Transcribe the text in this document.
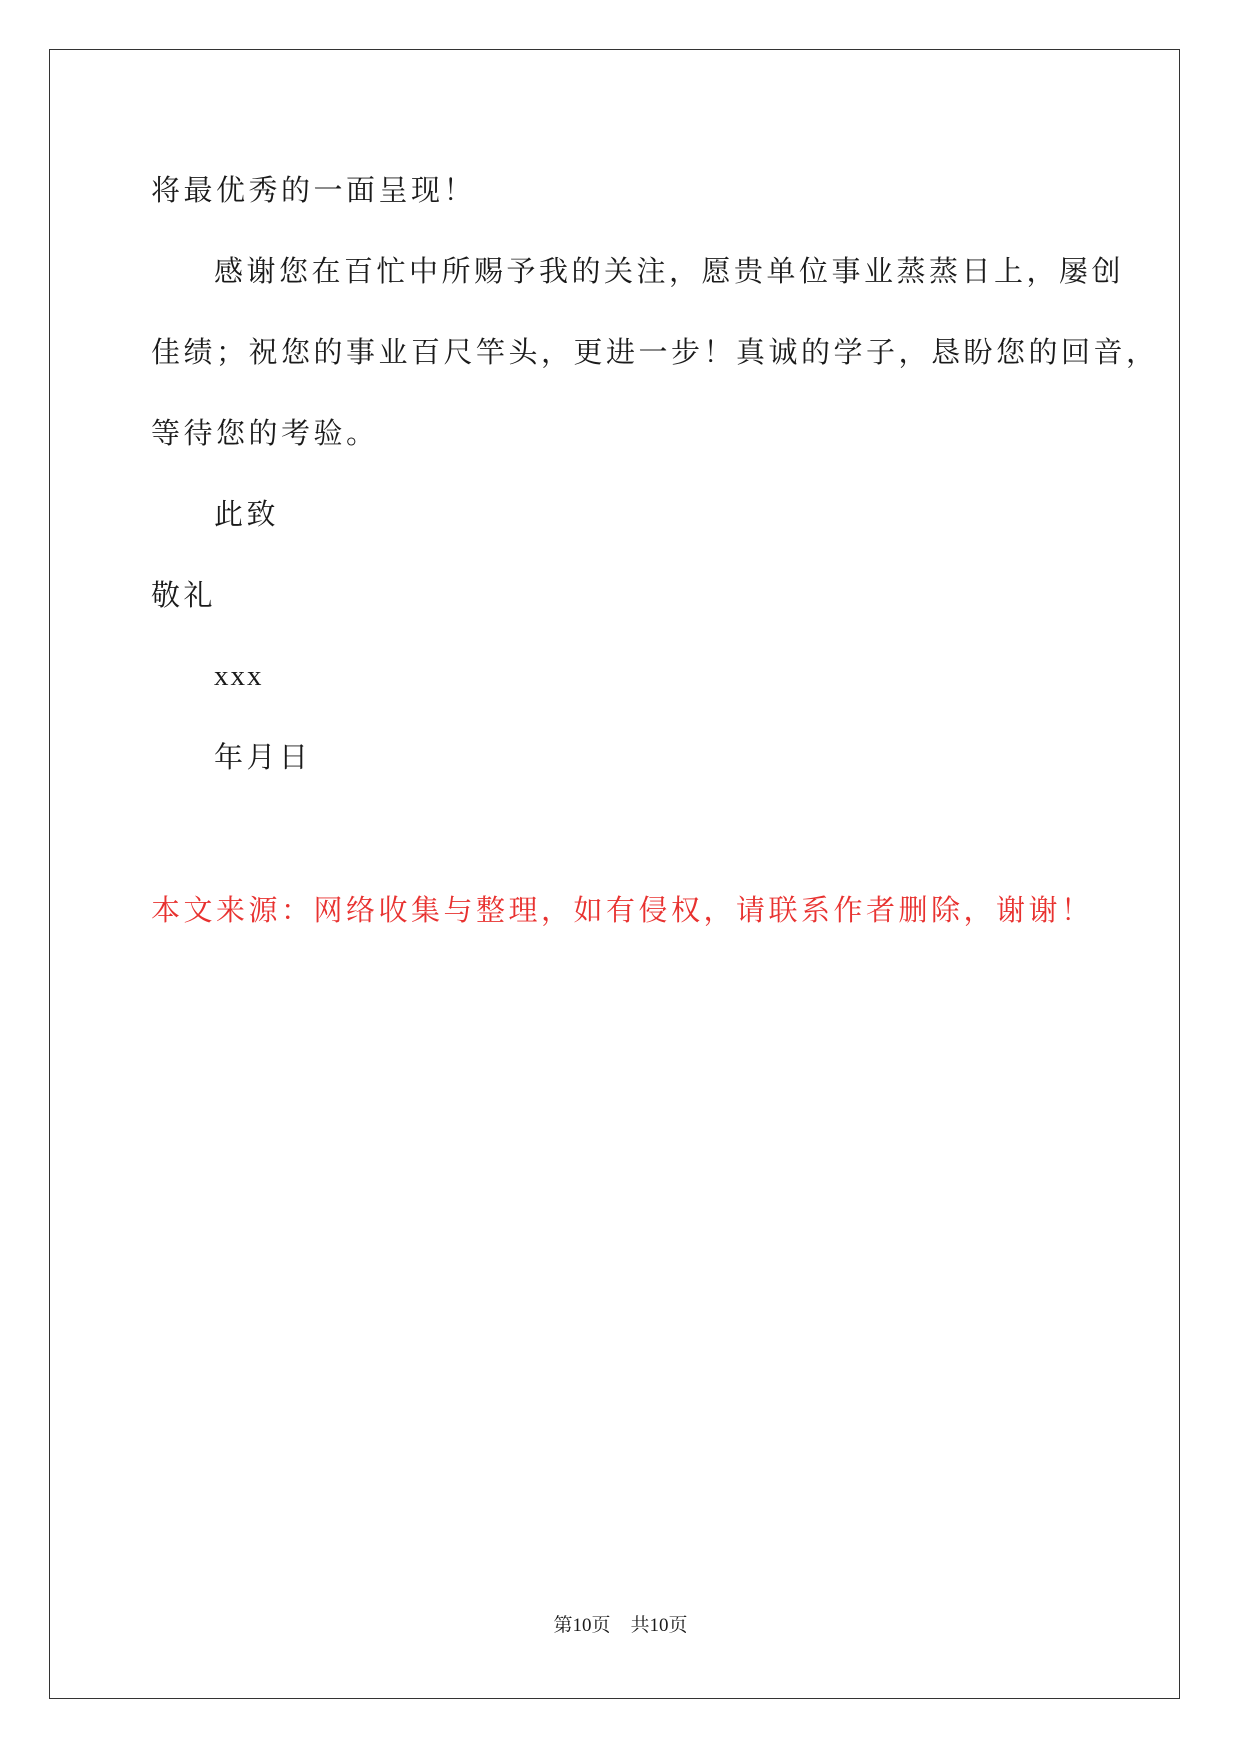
将最优秀的一面呈现！
感谢您在百忙中所赐予我的关注，愿贵单位事业蒸蒸日上，屡创
佳绩；祝您的事业百尺竿头，更进一步！真诚的学子，恳盼您的回音，
等待您的考验。
此致
敬礼
xxx
年月日
本文来源：网络收集与整理，如有侵权，请联系作者删除，谢谢！
第10页 共10页
